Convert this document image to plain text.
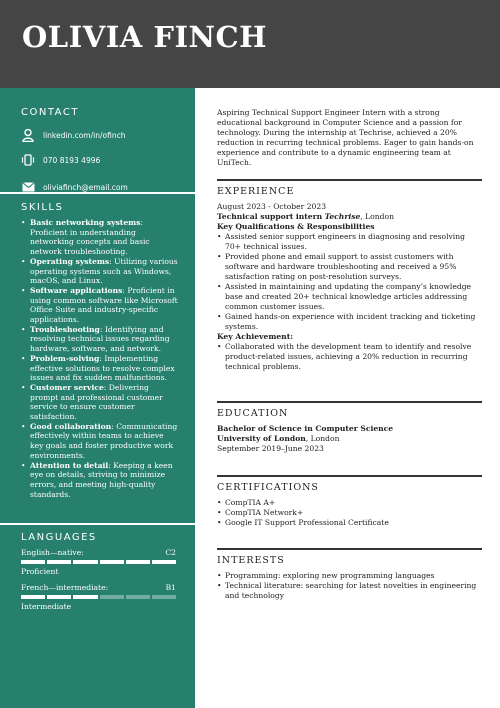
OLIVIA FINCH
CONTACT
linkedin.com/in/ofinch
070 8193 4996
oliviafinch@email.com
SKILLS
• Basic networking systems: Proficient in understanding networking concepts and basic network troubleshooting.
• Operating systems: Utilizing various operating systems such as Windows, macOS, and Linux.
• Software applications: Proficient in using common software like Microsoft Office Suite and industry-specific applications.
• Troubleshooting: Identifying and resolving technical issues regarding hardware, software, and network.
• Problem-solving: Implementing effective solutions to resolve complex issues and fix sudden malfunctions.
• Customer service: Delivering prompt and professional customer service to ensure customer satisfaction.
• Good collaboration: Communicating effectively within teams to achieve key goals and foster productive work environments.
• Attention to detail: Keeping a keen eye on details, striving to minimize errors, and meeting high-quality standards.
LANGUAGES
English—native:	C2
Proficient
French—intermediate:	B1
Intermediate

Aspiring Technical Support Engineer Intern with a strong educational background in Computer Science and a passion for technology. During the internship at Techrise, achieved a 20% reduction in recurring technical problems. Eager to gain hands-on experience and contribute to a dynamic engineering team at UniTech.

EXPERIENCE
August 2023 - October 2023
Technical support intern Techrise, London
Key Qualifications & Responsibilities
• Assisted senior support engineers in diagnosing and resolving 70+ technical issues.
• Provided phone and email support to assist customers with software and hardware troubleshooting and received a 95% satisfaction rating on post-resolution surveys.
• Assisted in maintaining and updating the company’s knowledge base and created 20+ technical knowledge articles addressing common customer issues.
• Gained hands-on experience with incident tracking and ticketing systems.
Key Achievement:
• Collaborated with the development team to identify and resolve product-related issues, achieving a 20% reduction in recurring technical problems.
EDUCATION
Bachelor of Science in Computer Science
University of London, London
September 2019–June 2023
CERTIFICATIONS
• CompTIA A+
• CompTIA Network+
• Google IT Support Professional Certificate
INTERESTS
• Programming: exploring new programming languages
• Technical literature: searching for latest novelties in engineering and technology
